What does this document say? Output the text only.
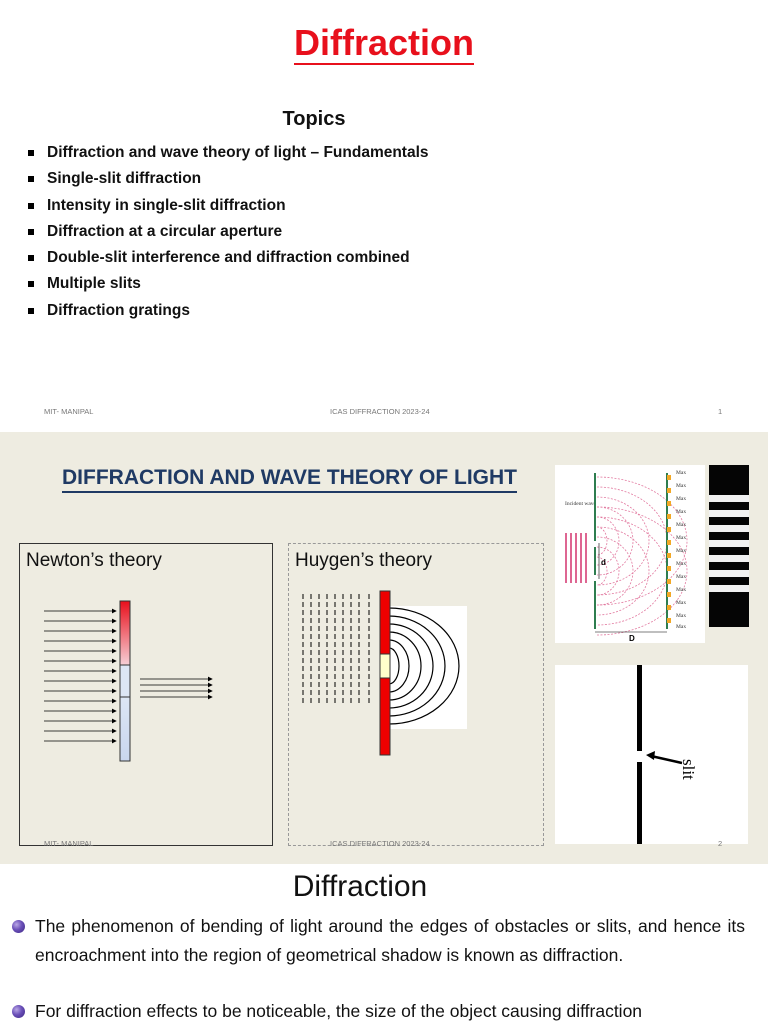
Diffraction
Topics
Diffraction and wave theory of light – Fundamentals
Single-slit diffraction
Intensity in single-slit diffraction
Diffraction at a circular aperture
Double-slit interference and diffraction combined
Multiple slits
Diffraction gratings
MIT- MANIPAL	ICAS DIFFRACTION 2023-24	1
DIFFRACTION AND WAVE THEORY OF LIGHT
Newton’s theory	Huygen’s theory
Incident wave
d
Max
Max
Max
Max
Max
Max
Max
Max
Max
Max
Max
Max
Max
D
slit
MIT- MANIPAL	ICAS DIFFRACTION 2023-24	2
Diffraction
The phenomenon of bending of light around the edges of obstacles or slits, and hence its encroachment into the region of geometrical shadow is known as diffraction.
For diffraction effects to be noticeable, the size of the object causing diffraction
